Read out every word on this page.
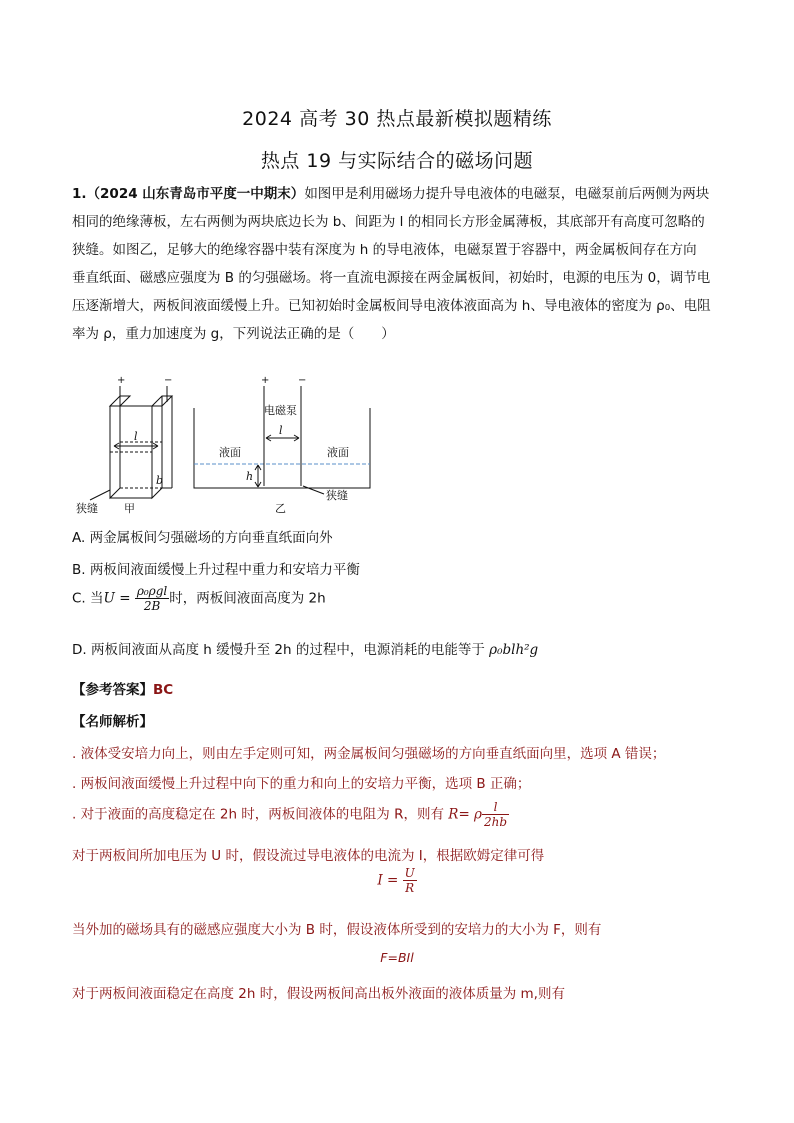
2024 高考 30 热点最新模拟题精练
热点 19 与实际结合的磁场问题
1.（2024 山东青岛市平度一中期末）如图甲是利用磁场力提升导电液体的电磁泵，电磁泵前后两侧为两块
相同的绝缘薄板，左右两侧为两块底边长为 b、间距为 l 的相同长方形金属薄板，其底部开有高度可忽略的
狭缝。如图乙，足够大的绝缘容器中装有深度为 h 的导电液体，电磁泵置于容器中，两金属板间存在方向
垂直纸面、磁感应强度为 B 的匀强磁场。将一直流电源接在两金属板间，初始时，电源的电压为 0，调节电
压逐渐增大，两板间液面缓慢上升。已知初始时金属板间导电液体液面高为 h、导电液体的密度为 ρ₀、电阻
率为 ρ，重力加速度为 g，下列说法正确的是（　　）
+	−
l
b
狭缝 甲
+	−
电磁泵
l
液面	液面
h
狭缝
乙
A. 两金属板间匀强磁场的方向垂直纸面向外
B. 两板间液面缓慢上升过程中重力和安培力平衡
C. 当$U = \frac{\text{ρ₀ρgl}}{2B}$ 时，两板间液面高度为 2h
D. 两板间液面从高度 h 缓慢升至 2h 的过程中，电源消耗的电能等于 ρ₀blh²g
【参考答案】BC
【名师解析】
. 液体受安培力向上，则由左手定则可知，两金属板间匀强磁场的方向垂直纸面向里，选项 A 错误；
. 两板间液面缓慢上升过程中向下的重力和向上的安培力平衡，选项 B 正确；
. 对于液面的高度稳定在 2h 时，两板间液体的电阻为 R，则有 R= ρ $\frac{l}{2hb}$
对于两板间所加电压为 U 时，假设流过导电液体的电流为 I，根据欧姆定律可得
$I = \frac{U}{R}$
当外加的磁场具有的磁感应强度大小为 B 时，假设液体所受到的安培力的大小为 F，则有
F=BIl
对于两板间液面稳定在高度 2h 时，假设两板间高出板外液面的液体质量为 m,则有
